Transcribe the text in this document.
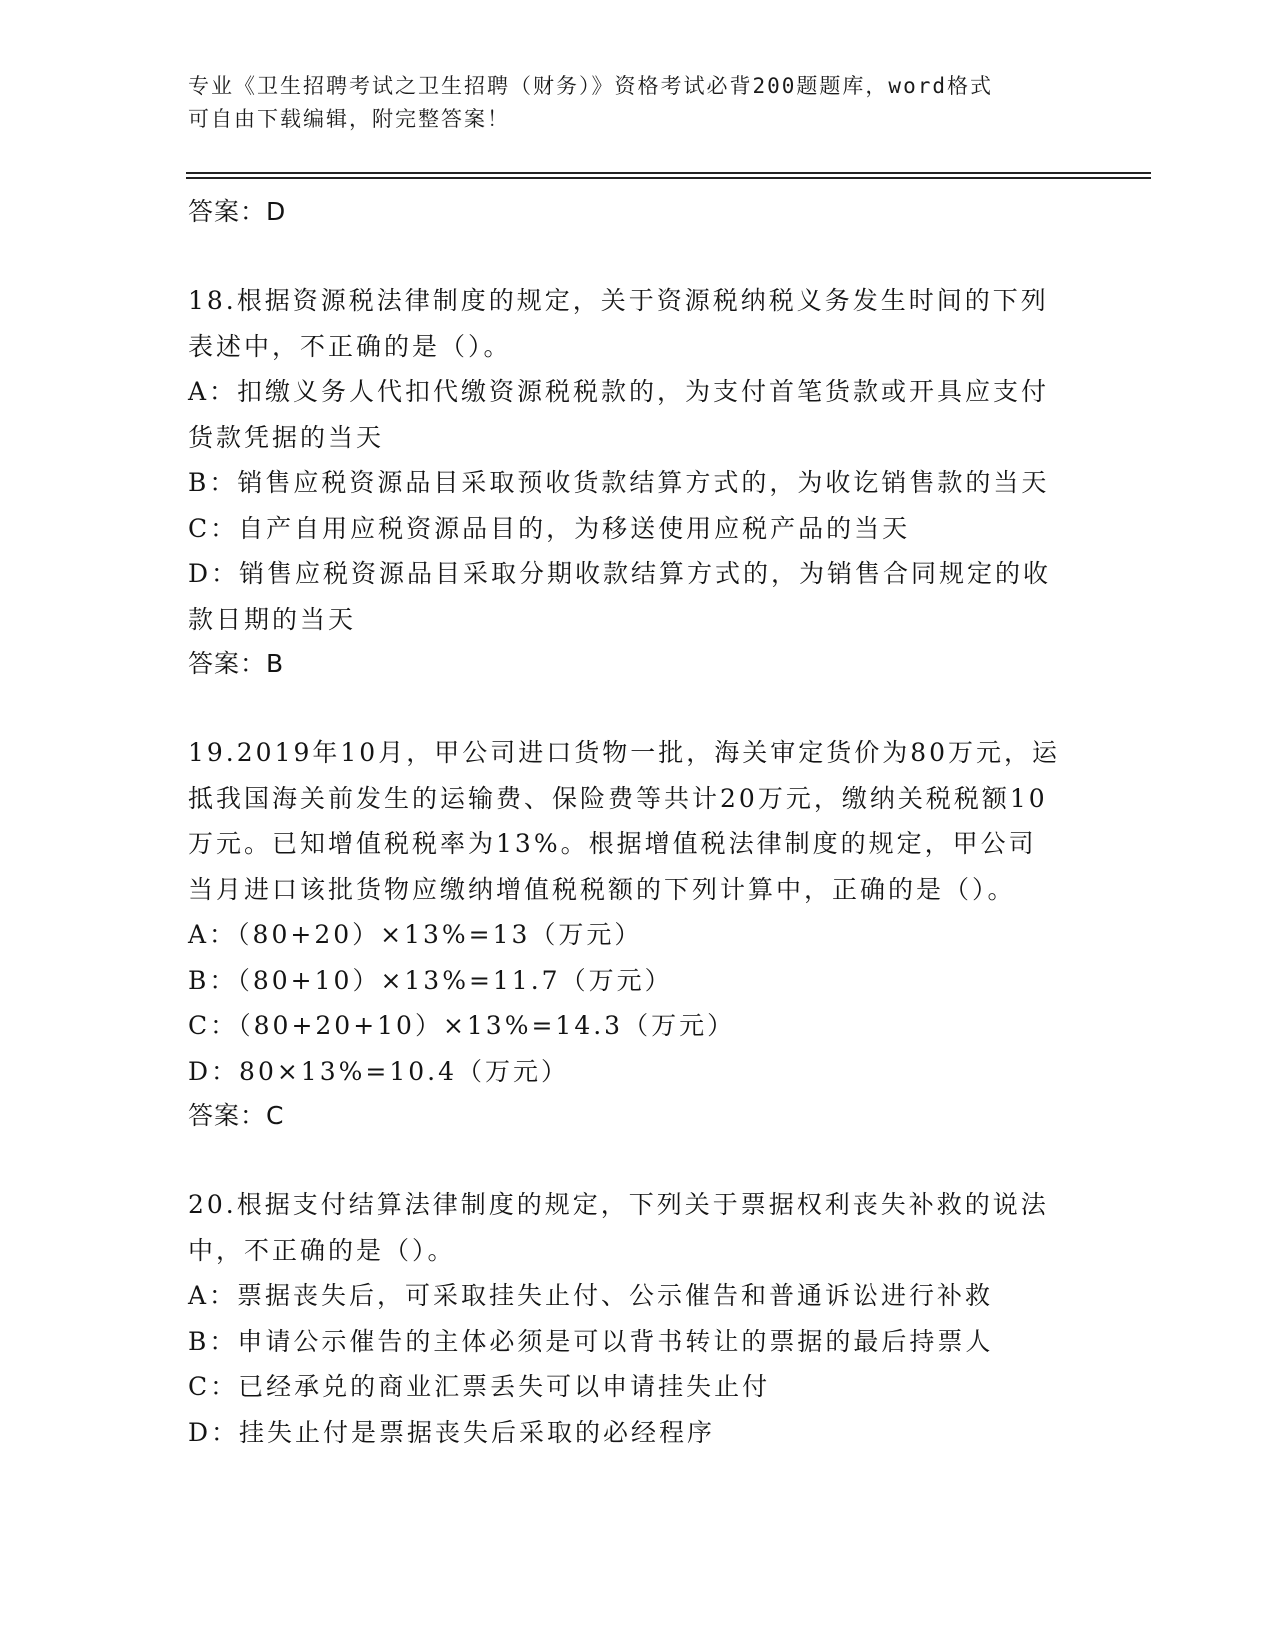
专业《卫生招聘考试之卫生招聘（财务）》资格考试必背200题题库，word格式
可自由下载编辑，附完整答案！
答案：D
18.根据资源税法律制度的规定，关于资源税纳税义务发生时间的下列
表述中，不正确的是（）。
A：扣缴义务人代扣代缴资源税税款的，为支付首笔货款或开具应支付
货款凭据的当天
B：销售应税资源品目采取预收货款结算方式的，为收讫销售款的当天
C：自产自用应税资源品目的，为移送使用应税产品的当天
D：销售应税资源品目采取分期收款结算方式的，为销售合同规定的收
款日期的当天
答案：B
19.2019年10月，甲公司进口货物一批，海关审定货价为80万元，运
抵我国海关前发生的运输费、保险费等共计20万元，缴纳关税税额10
万元。已知增值税税率为13%。根据增值税法律制度的规定，甲公司
当月进口该批货物应缴纳增值税税额的下列计算中，正确的是（）。
A：（80+20）×13%=13（万元）
B：（80+10）×13%=11.7（万元）
C：（80+20+10）×13%=14.3（万元）
D：80×13%=10.4（万元）
答案：C
20.根据支付结算法律制度的规定，下列关于票据权利丧失补救的说法
中，不正确的是（）。
A：票据丧失后，可采取挂失止付、公示催告和普通诉讼进行补救
B：申请公示催告的主体必须是可以背书转让的票据的最后持票人
C：已经承兑的商业汇票丢失可以申请挂失止付
D：挂失止付是票据丧失后采取的必经程序
